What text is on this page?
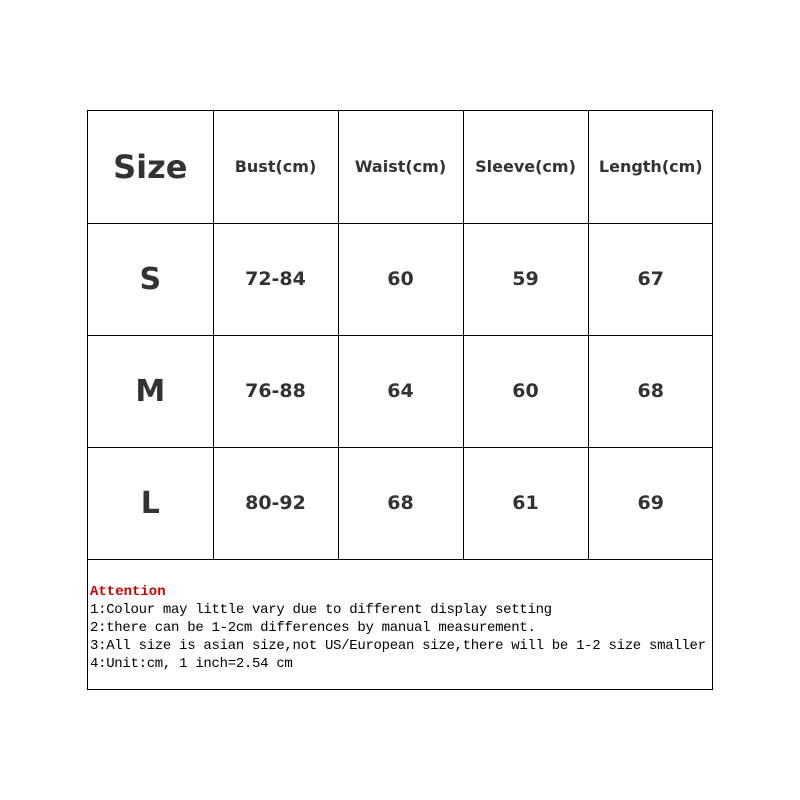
Size	Bust(cm)	Waist(cm)	Sleeve(cm)	Length(cm)
S	72-84	60	59	67
M	76-88	64	60	68
L	80-92	68	61	69
Attention
1:Colour may little vary due to different display setting
2:there can be 1-2cm differences by manual measurement.
3:All size is asian size,not US/European size,there will be 1-2 size smaller
4:Unit:cm, 1 inch=2.54 cm
